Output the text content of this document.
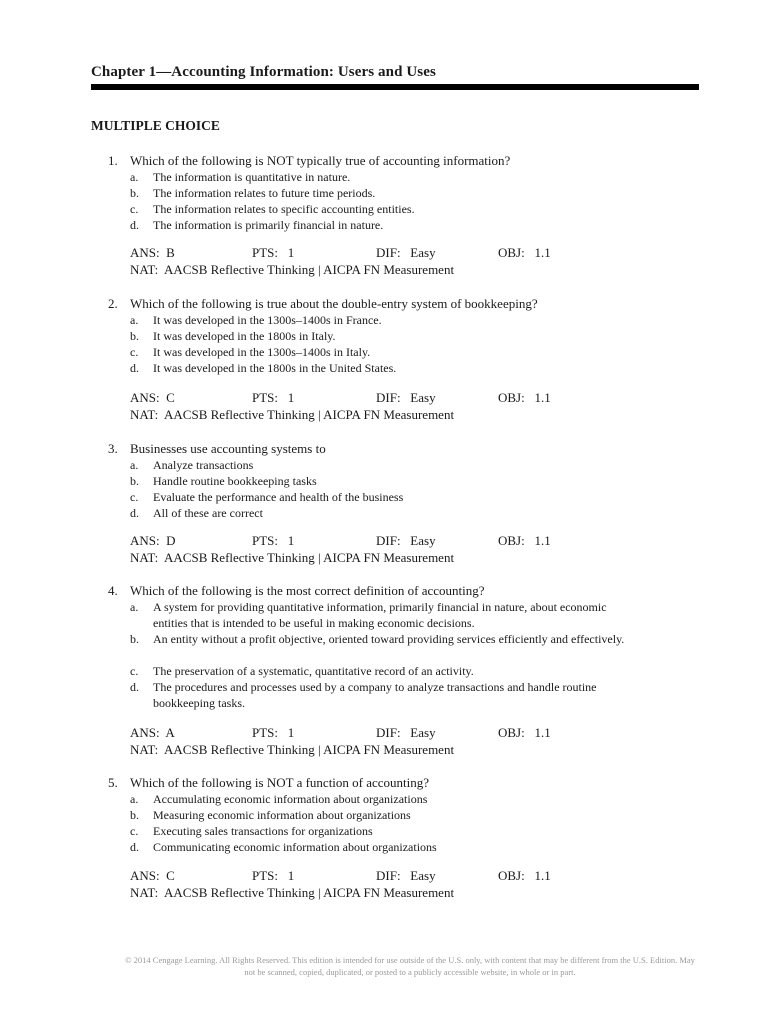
Chapter 1—Accounting Information: Users and Uses
MULTIPLE CHOICE
1. Which of the following is NOT typically true of accounting information?
a. The information is quantitative in nature.
b. The information relates to future time periods.
c. The information relates to specific accounting entities.
d. The information is primarily financial in nature.
ANS:  B	PTS:   1	DIF:   Easy	OBJ:   1.1
NAT:  AACSB Reflective Thinking | AICPA FN Measurement
2. Which of the following is true about the double-entry system of bookkeeping?
a. It was developed in the 1300s–1400s in France.
b. It was developed in the 1800s in Italy.
c. It was developed in the 1300s–1400s in Italy.
d. It was developed in the 1800s in the United States.
ANS:  C	PTS:   1	DIF:   Easy	OBJ:   1.1
NAT:  AACSB Reflective Thinking | AICPA FN Measurement
3. Businesses use accounting systems to
a. Analyze transactions
b. Handle routine bookkeeping tasks
c. Evaluate the performance and health of the business
d. All of these are correct
ANS:  D	PTS:   1	DIF:   Easy	OBJ:   1.1
NAT:  AACSB Reflective Thinking | AICPA FN Measurement
4. Which of the following is the most correct definition of accounting?
a. A system for providing quantitative information, primarily financial in nature, about economic entities that is intended to be useful in making economic decisions.
b. An entity without a profit objective, oriented toward providing services efficiently and effectively.
c. The preservation of a systematic, quantitative record of an activity.
d. The procedures and processes used by a company to analyze transactions and handle routine bookkeeping tasks.
ANS:  A	PTS:   1	DIF:   Easy	OBJ:   1.1
NAT:  AACSB Reflective Thinking | AICPA FN Measurement
5. Which of the following is NOT a function of accounting?
a. Accumulating economic information about organizations
b. Measuring economic information about organizations
c. Executing sales transactions for organizations
d. Communicating economic information about organizations
ANS:  C	PTS:   1	DIF:   Easy	OBJ:   1.1
NAT:  AACSB Reflective Thinking | AICPA FN Measurement
© 2014 Cengage Learning. All Rights Reserved. This edition is intended for use outside of the U.S. only, with content that may be different from the U.S. Edition. May not be scanned, copied, duplicated, or posted to a publicly accessible website, in whole or in part.
